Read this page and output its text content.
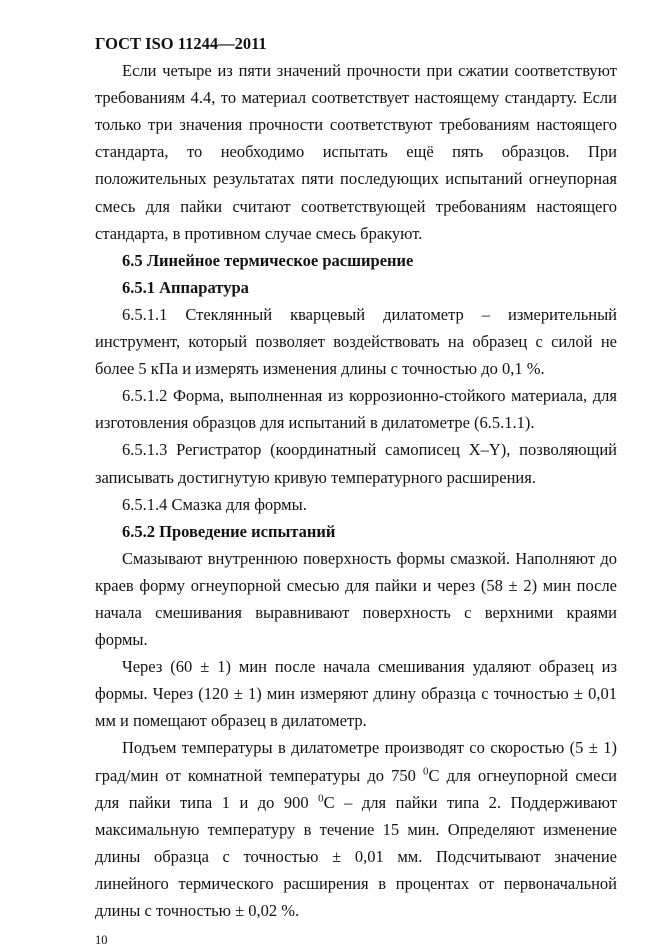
ГОСТ ISO 11244—2011

Если четыре из пяти значений прочности при сжатии соответствуют требованиям 4.4, то материал соответствует настоящему стандарту. Если только три значения прочности соответствуют требованиям настоящего стандарта, то необходимо испытать ещё пять образцов. При положительных результатах пяти последующих испытаний огнеупорная смесь для пайки считают соответствующей требованиям настоящего стандарта, в противном случае смесь бракуют.

6.5 Линейное термическое расширение

6.5.1 Аппаратура

6.5.1.1 Стеклянный кварцевый дилатометр – измерительный инструмент, который позволяет воздействовать на образец с силой не более 5 кПа и измерять изменения длины с точностью до 0,1 %.

6.5.1.2 Форма, выполненная из коррозионно-стойкого материала, для изготовления образцов для испытаний в дилатометре (6.5.1.1).

6.5.1.3 Регистратор (координатный самописец X–Y), позволяющий записывать достигнутую кривую температурного расширения.

6.5.1.4 Смазка для формы.

6.5.2 Проведение испытаний

Смазывают внутреннюю поверхность формы смазкой. Наполняют до краев форму огнеупорной смесью для пайки и через (58 ± 2) мин после начала смешивания выравнивают поверхность с верхними краями формы.

Через (60 ± 1) мин после начала смешивания удаляют образец из формы. Через (120 ± 1) мин измеряют длину образца с точностью ± 0,01 мм и помещают образец в дилатометр.

Подъем температуры в дилатометре производят со скоростью (5 ± 1) град/мин от комнатной температуры до 750 $^0$С для огнеупорной смеси для пайки типа 1 и до 900 $^0$С – для пайки типа 2. Поддерживают максимальную температуру в течение 15 мин. Определяют изменение длины образца с точностью ± 0,01 мм. Подсчитывают значение линейного термического расширения в процентах от первоначальной длины с точностью ± 0,02 %.

10
